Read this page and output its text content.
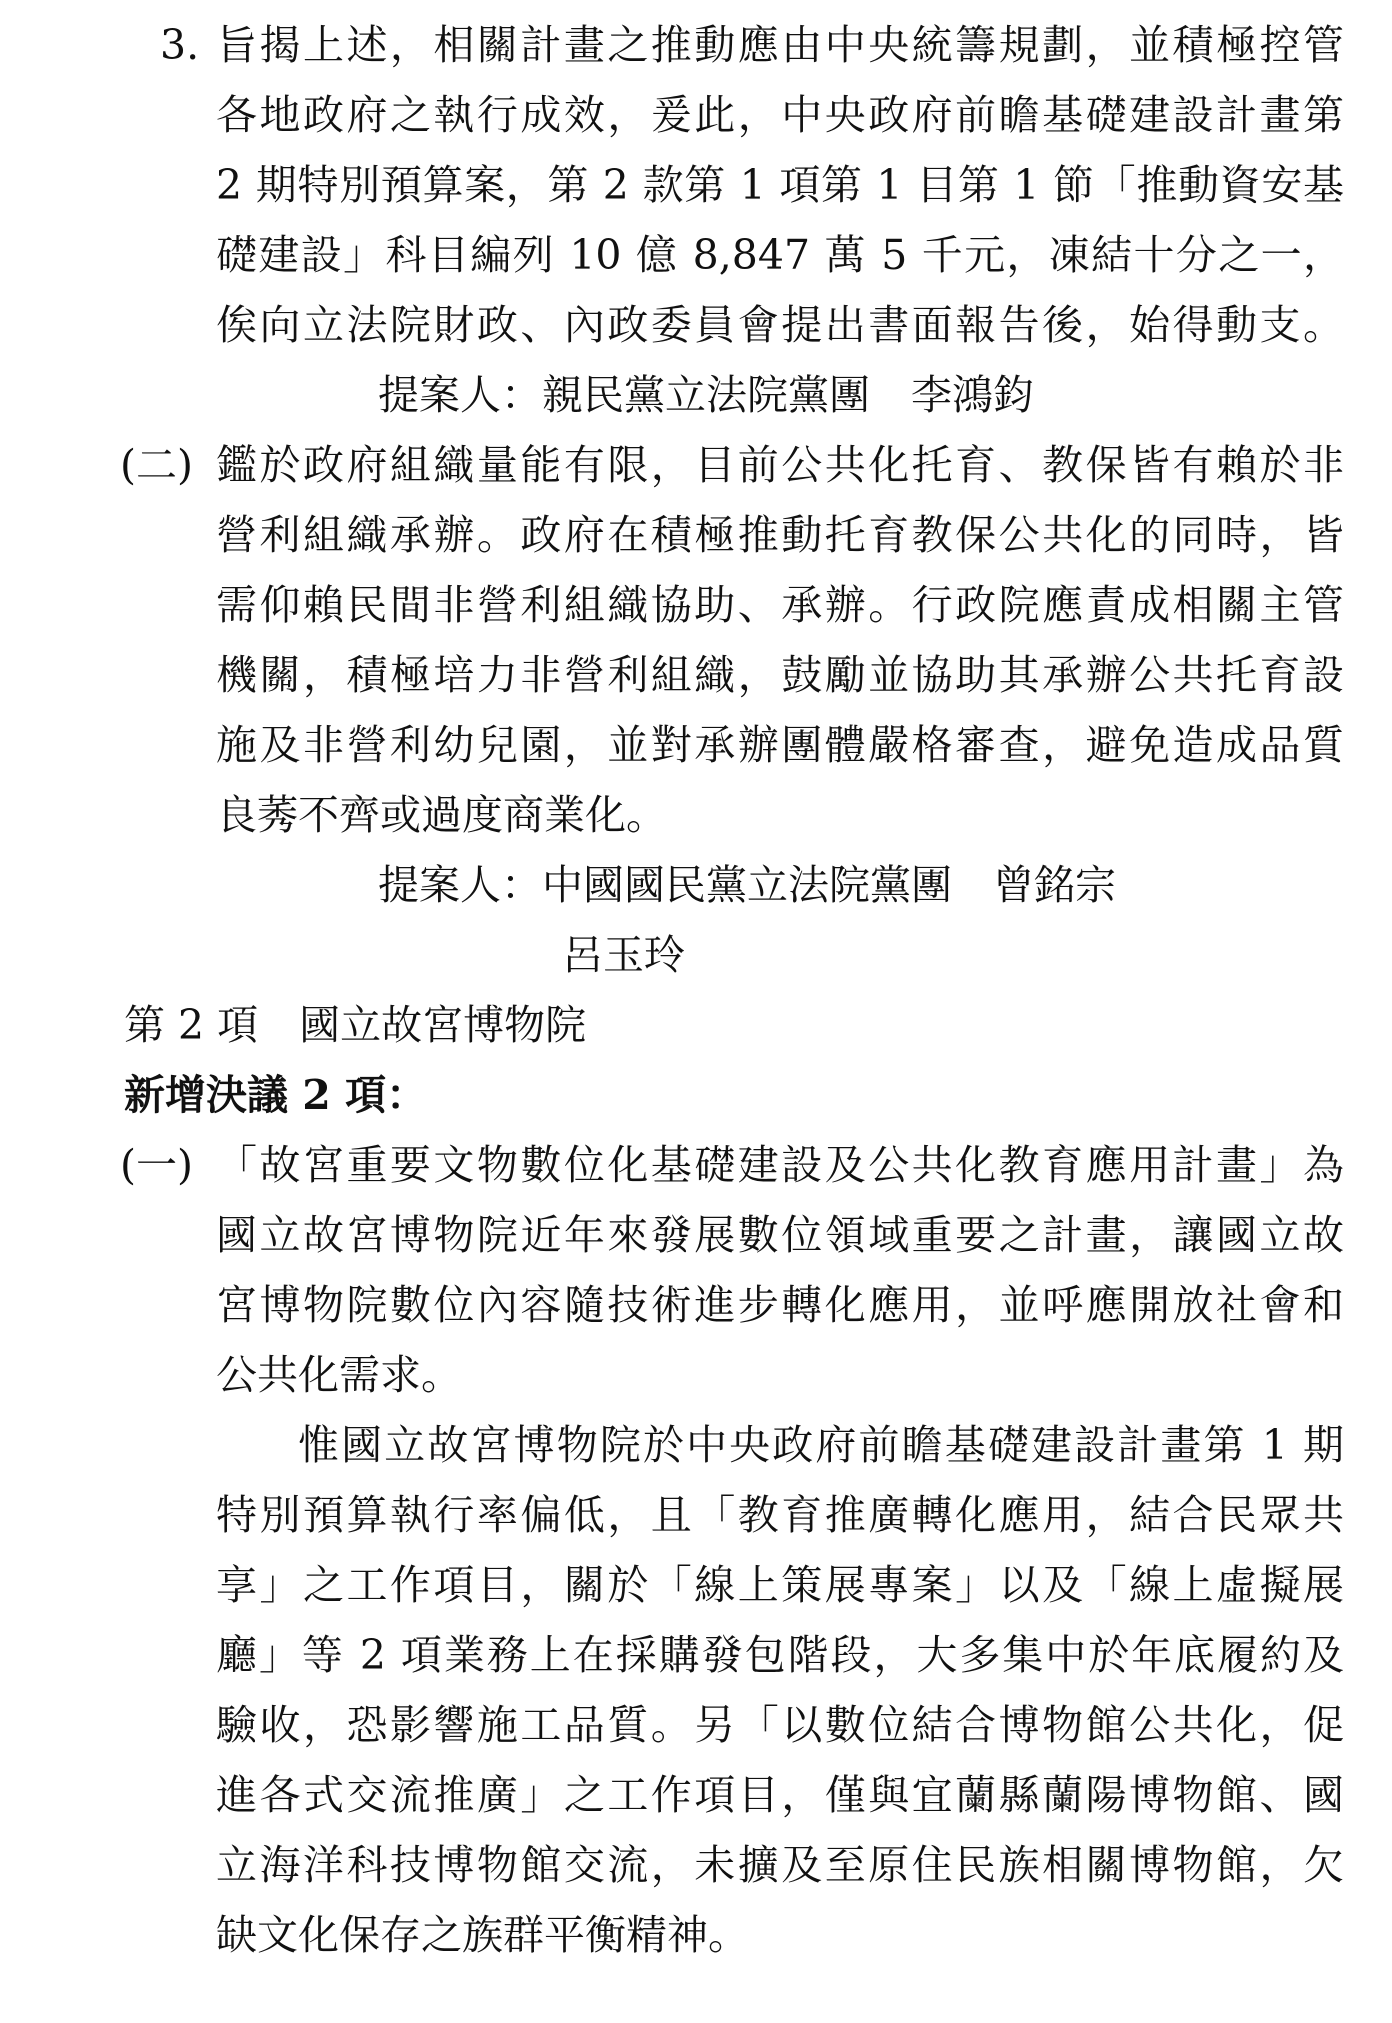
3. 旨揭上述，相關計畫之推動應由中央統籌規劃，並積極控管
各地政府之執行成效，爰此，中央政府前瞻基礎建設計畫第
2 期特別預算案，第 2 款第 1 項第 1 目第 1 節「推動資安基
礎建設」科目編列 10 億 8,847 萬 5 千元，凍結十分之一，
俟向立法院財政、內政委員會提出書面報告後，始得動支。
提案人：親民黨立法院黨團　李鴻鈞
(二) 鑑於政府組織量能有限，目前公共化托育、教保皆有賴於非
營利組織承辦。政府在積極推動托育教保公共化的同時，皆
需仰賴民間非營利組織協助、承辦。行政院應責成相關主管
機關，積極培力非營利組織，鼓勵並協助其承辦公共托育設
施及非營利幼兒園，並對承辦團體嚴格審查，避免造成品質
良莠不齊或過度商業化。
提案人：中國國民黨立法院黨團　曾銘宗
呂玉玲
第 2 項　國立故宮博物院
新增決議 2 項：
(一) 「故宮重要文物數位化基礎建設及公共化教育應用計畫」為
國立故宮博物院近年來發展數位領域重要之計畫，讓國立故
宮博物院數位內容隨技術進步轉化應用，並呼應開放社會和
公共化需求。
惟國立故宮博物院於中央政府前瞻基礎建設計畫第 1 期
特別預算執行率偏低，且「教育推廣轉化應用，結合民眾共
享」之工作項目，關於「線上策展專案」以及「線上虛擬展
廳」等 2 項業務上在採購發包階段，大多集中於年底履約及
驗收，恐影響施工品質。另「以數位結合博物館公共化，促
進各式交流推廣」之工作項目，僅與宜蘭縣蘭陽博物館、國
立海洋科技博物館交流，未擴及至原住民族相關博物館，欠
缺文化保存之族群平衡精神。
